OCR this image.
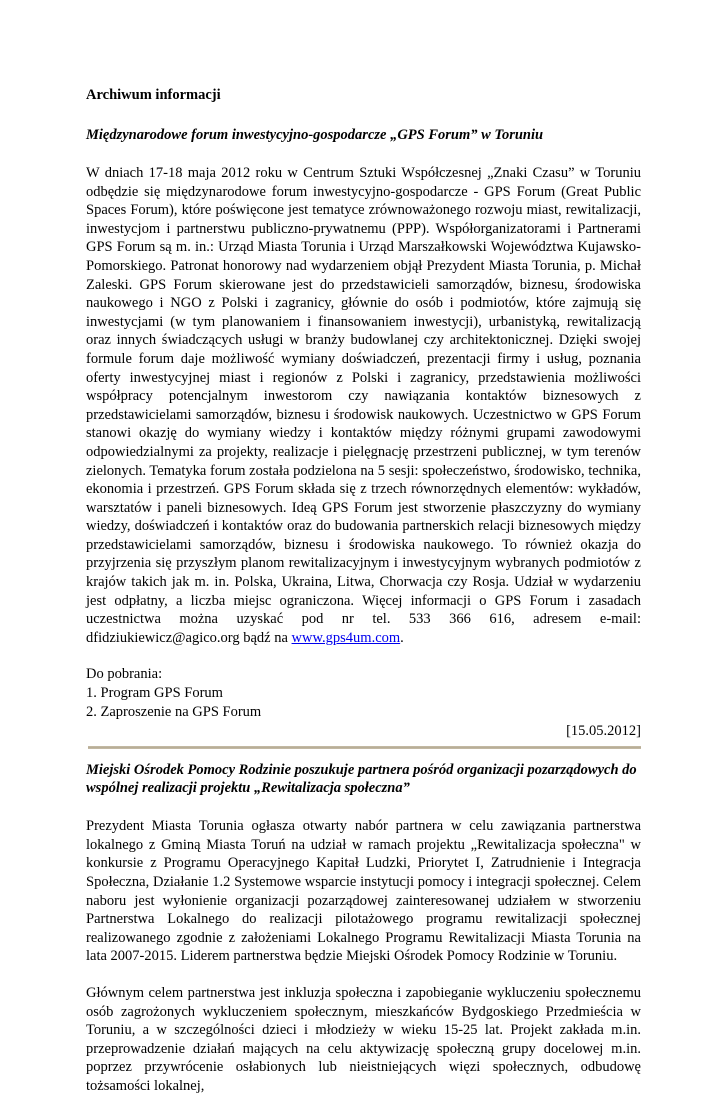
Archiwum informacji
Międzynarodowe forum inwestycyjno-gospodarcze „GPS Forum” w Toruniu

W dniach 17-18 maja 2012 roku w Centrum Sztuki Współczesnej „Znaki Czasu” w Toruniu odbędzie się międzynarodowe forum inwestycyjno-gospodarcze - GPS Forum (Great Public Spaces Forum), które poświęcone jest tematyce zrównoważonego rozwoju miast, rewitalizacji, inwestycjom i partnerstwu publiczno-prywatnemu (PPP). Współorganizatorami i Partnerami GPS Forum są m. in.: Urząd Miasta Torunia i Urząd Marszałkowski Województwa Kujawsko-Pomorskiego. Patronat honorowy nad wydarzeniem objął Prezydent Miasta Torunia, p. Michał Zaleski. GPS Forum skierowane jest do przedstawicieli samorządów, biznesu, środowiska naukowego i NGO z Polski i zagranicy, głównie do osób i podmiotów, które zajmują się inwestycjami (w tym planowaniem i finansowaniem inwestycji), urbanistyką, rewitalizacją oraz innych świadczących usługi w branży budowlanej czy architektonicznej. Dzięki swojej formule forum daje możliwość wymiany doświadczeń, prezentacji firmy i usług, poznania oferty inwestycyjnej miast i regionów z Polski i zagranicy, przedstawienia możliwości współpracy potencjalnym inwestorom czy nawiązania kontaktów biznesowych z przedstawicielami samorządów, biznesu i środowisk naukowych. Uczestnictwo w GPS Forum stanowi okazję do wymiany wiedzy i kontaktów między różnymi grupami zawodowymi odpowiedzialnymi za projekty, realizacje i pielęgnację przestrzeni publicznej, w tym terenów zielonych. Tematyka forum została podzielona na 5 sesji: społeczeństwo, środowisko, technika, ekonomia i przestrzeń. GPS Forum składa się z trzech równorzędnych elementów: wykładów, warsztatów i paneli biznesowych. Ideą GPS Forum jest stworzenie płaszczyzny do wymiany wiedzy, doświadczeń i kontaktów oraz do budowania partnerskich relacji biznesowych między przedstawicielami samorządów, biznesu i środowiska naukowego. To również okazja do przyjrzenia się przyszłym planom rewitalizacyjnym i inwestycyjnym wybranych podmiotów z krajów takich jak m. in. Polska, Ukraina, Litwa, Chorwacja czy Rosja. Udział w wydarzeniu jest odpłatny, a liczba miejsc ograniczona. Więcej informacji o GPS Forum i zasadach uczestnictwa można uzyskać pod nr tel. 533 366 616, adresem e-mail: dfidziukiewicz@agico.org bądź na www.gps4um.com.

Do pobrania:
1. Program GPS Forum
2. Zaproszenie na GPS Forum
[15.05.2012]
Miejski Ośrodek Pomocy Rodzinie poszukuje partnera pośród organizacji pozarządowych do wspólnej realizacji projektu „Rewitalizacja społeczna”

Prezydent Miasta Torunia ogłasza otwarty nabór partnera w celu zawiązania partnerstwa lokalnego z Gminą Miasta Toruń na udział w ramach projektu „Rewitalizacja społeczna" w konkursie z Programu Operacyjnego Kapitał Ludzki, Priorytet I, Zatrudnienie i Integracja Społeczna, Działanie 1.2 Systemowe wsparcie instytucji pomocy i integracji społecznej. Celem naboru jest wyłonienie organizacji pozarządowej zainteresowanej udziałem w stworzeniu Partnerstwa Lokalnego do realizacji pilotażowego programu rewitalizacji społecznej realizowanego zgodnie z założeniami Lokalnego Programu Rewitalizacji Miasta Torunia na lata 2007-2015. Liderem partnerstwa będzie Miejski Ośrodek Pomocy Rodzinie w Toruniu.

Głównym celem partnerstwa jest inkluzja społeczna i zapobieganie wykluczeniu społecznemu osób zagrożonych wykluczeniem społecznym, mieszkańców Bydgoskiego Przedmieścia w Toruniu, a w szczególności dzieci i młodzieży w wieku 15-25 lat. Projekt zakłada m.in. przeprowadzenie działań mających na celu aktywizację społeczną grupy docelowej m.in. poprzez przywrócenie osłabionych lub nieistniejących więzi społecznych, odbudowę tożsamości lokalnej,
